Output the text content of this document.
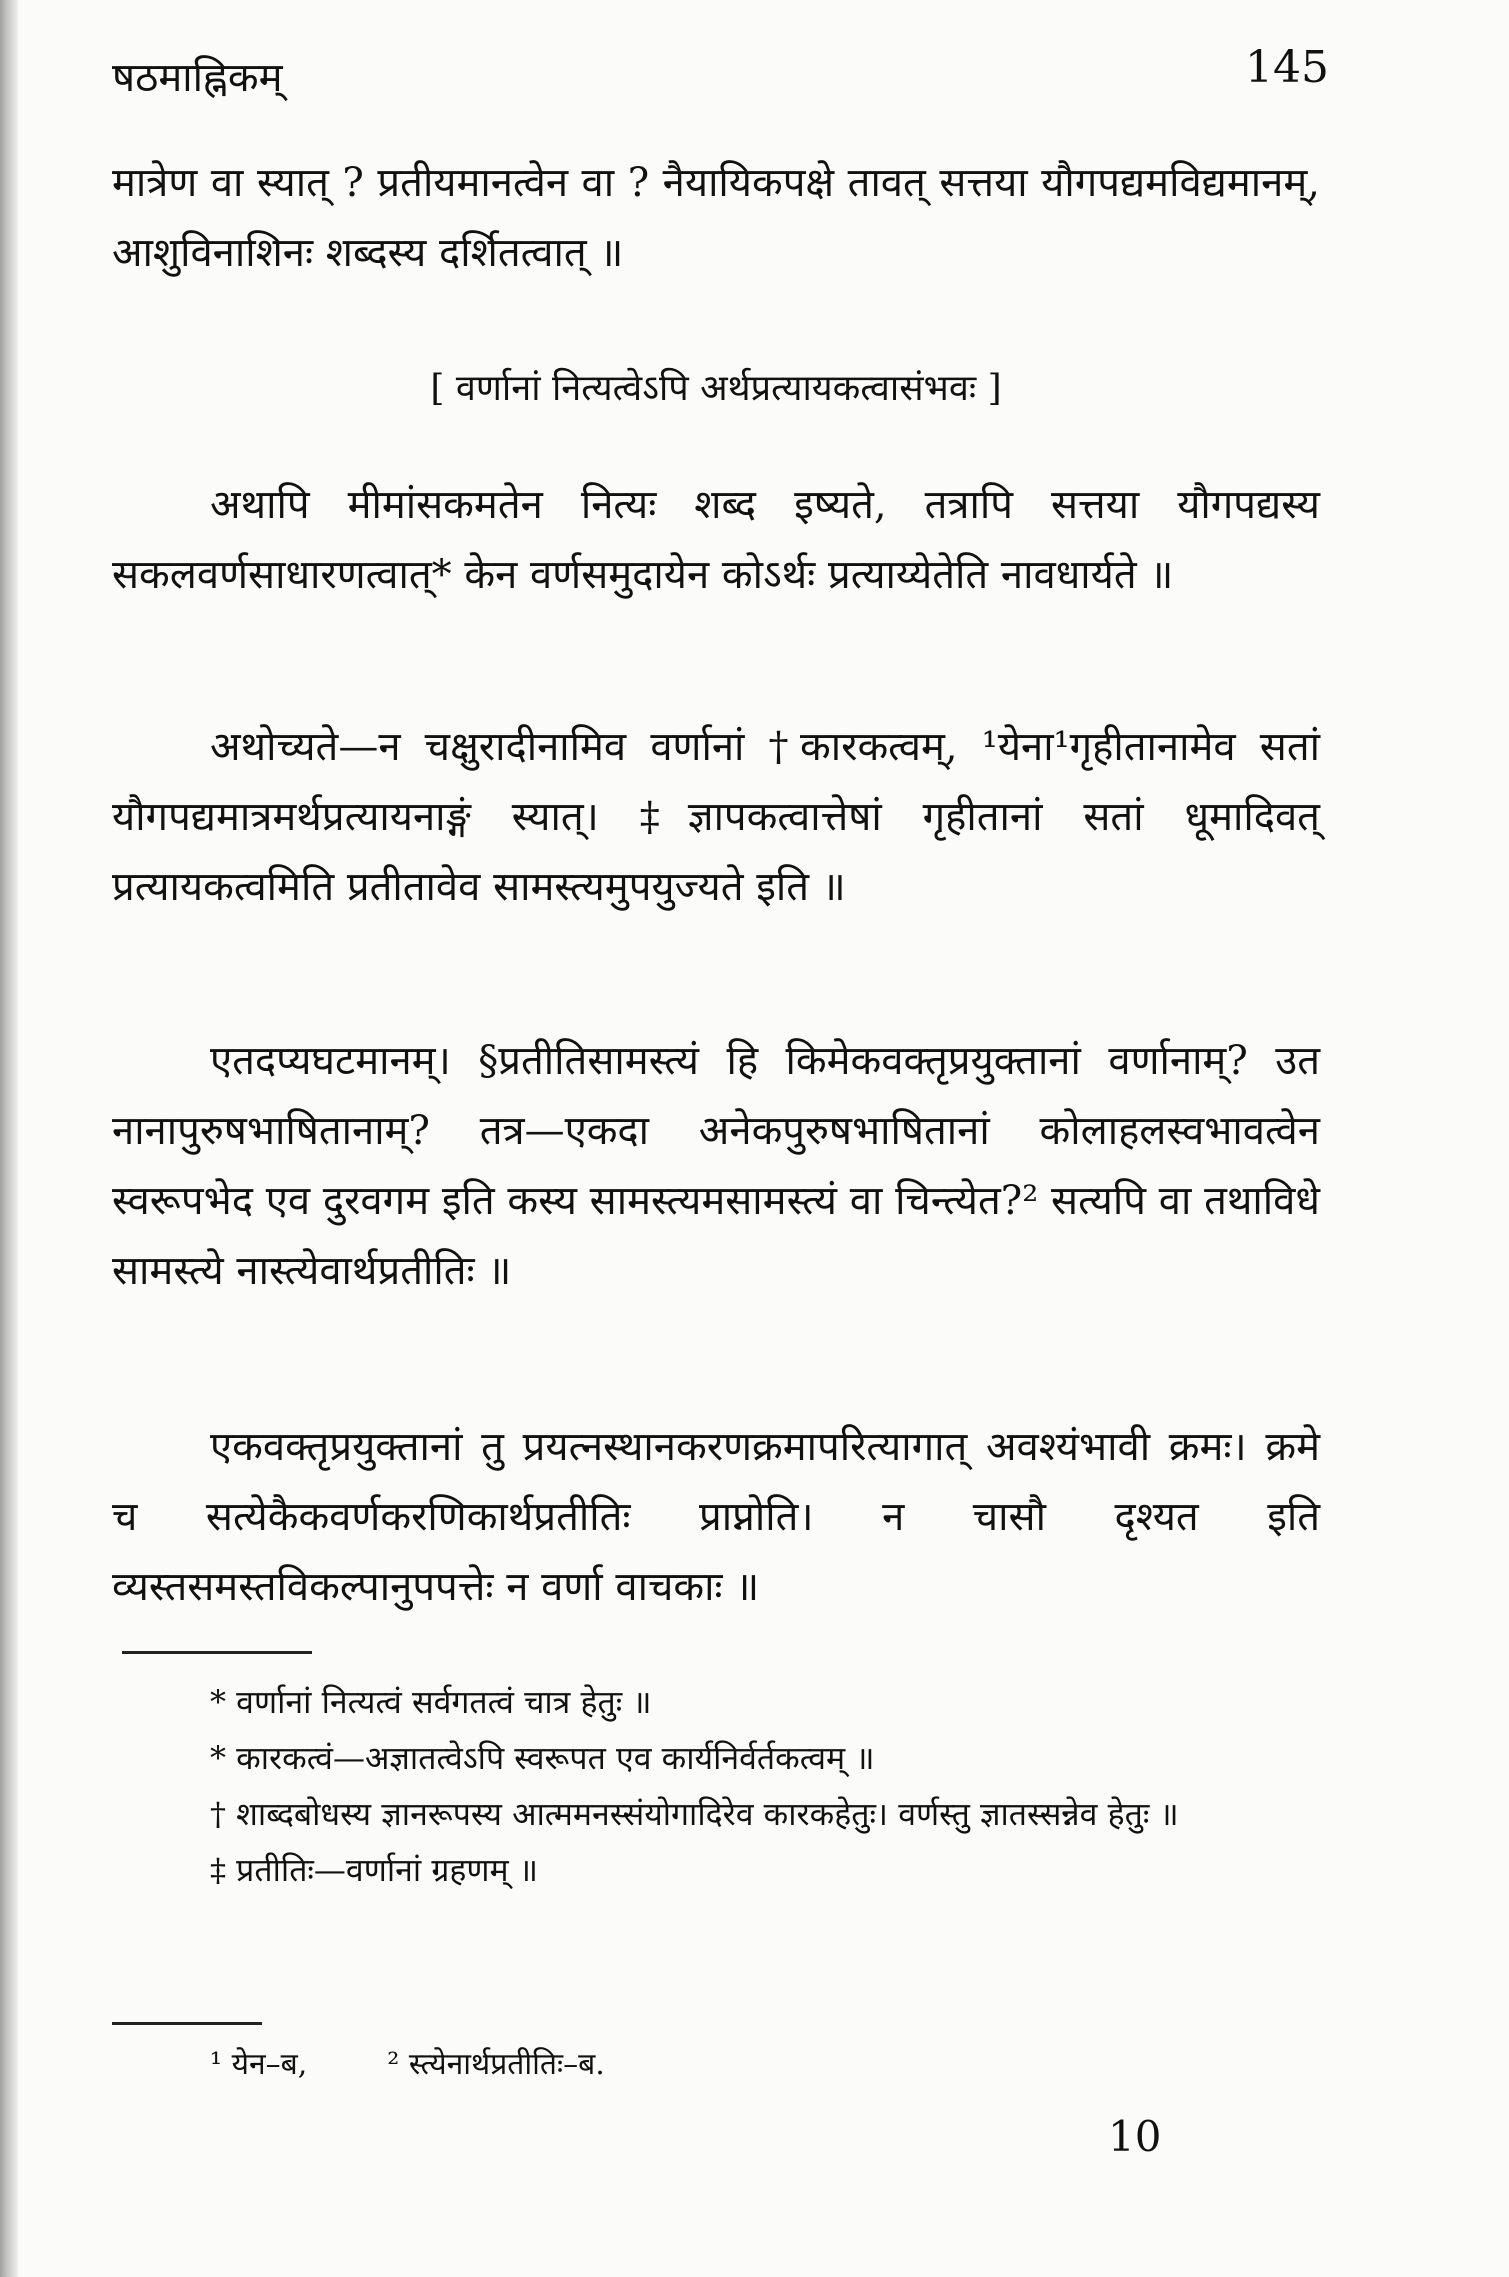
षठमाह्निकम्	145

मात्रेण वा स्यात् ? प्रतीयमानत्वेन वा ? नैयायिकपक्षे तावत् सत्तया यौगपद्यमविद्यमानम्, आशुविनाशिनः शब्दस्य दर्शितत्वात् ॥

[ वर्णानां नित्यत्वेऽपि अर्थप्रत्यायकत्वासंभवः ]

अथापि मीमांसकमतेन नित्यः शब्द इष्यते, तत्रापि सत्तया यौगपद्यस्य सकलवर्णसाधारणत्वात्* केन वर्णसमुदायेन कोऽर्थः प्रत्याय्येतेति नावधार्यते ॥

अथोच्यते—न चक्षुरादीनामिव वर्णानां †कारकत्वम्, ¹येना¹गृहीतानामेव सतां यौगपद्यमात्रमर्थप्रत्यायनाङ्गं स्यात्। ‡ज्ञापकत्वात्तेषां गृहीतानां सतां धूमादिवत् प्रत्यायकत्वमिति प्रतीतावेव सामस्त्यमुपयुज्यते इति ॥

एतदप्यघटमानम्। §प्रतीतिसामस्त्यं हि किमेकवक्तृप्रयुक्तानां वर्णानाम्? उत नानापुरुषभाषितानाम्? तत्र—एकदा अनेकपुरुषभाषितानां कोलाहलस्वभावत्वेन स्वरूपभेद एव दुरवगम इति कस्य सामस्त्यमसामस्त्यं वा चिन्त्येत?² सत्यपि वा तथाविधे सामस्त्ये नास्त्येवार्थप्रतीतिः ॥

एकवक्तृप्रयुक्तानां तु प्रयत्नस्थानकरणक्रमापरित्यागात् अवश्यंभावी क्रमः। क्रमे च सत्येकैकवर्णकरणिकार्थप्रतीतिः प्राप्नोति। न चासौ दृश्यत इति व्यस्तसमस्तविकल्पानुपपत्तेः न वर्णा वाचकाः ॥

* वर्णानां नित्यत्वं सर्वगतत्वं चात्र हेतुः ॥

* कारकत्वं—अज्ञातत्वेऽपि स्वरूपत एव कार्यनिर्वर्तकत्वम् ॥

† शाब्दबोधस्य ज्ञानरूपस्य आत्ममनस्संयोगादिरेव कारकहेतुः। वर्णस्तु ज्ञातस्सन्नेव हेतुः ॥

‡ प्रतीतिः—वर्णानां ग्रहणम् ॥

¹ येन–ब,	² स्त्येनार्थप्रतीतिः–ब.
10
